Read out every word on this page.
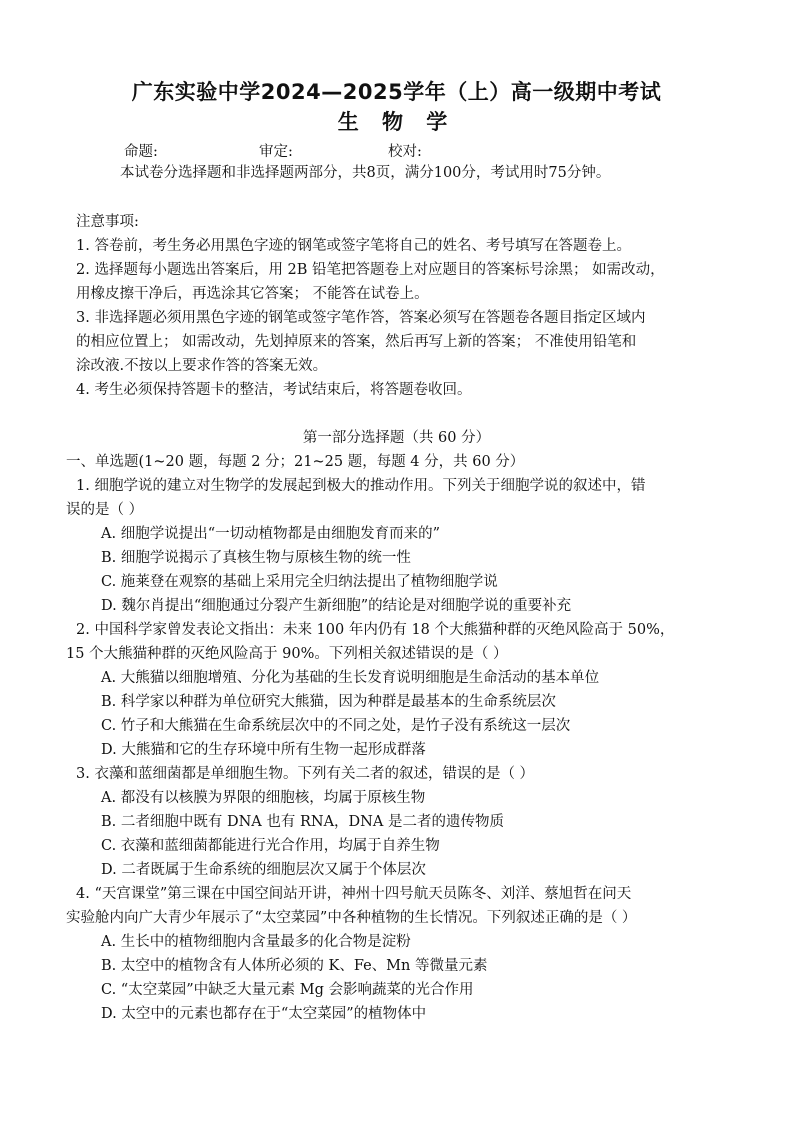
广东实验中学2024—2025学年（上）高一级期中考试
生 物 学
命题:	审定:	校对:
本试卷分选择题和非选择题两部分，共8页，满分100分，考试用时75分钟。
注意事项:
1. 答卷前，考生务必用黑色字迹的钢笔或签字笔将自己的姓名、考号填写在答题卷上。
2. 选择题每小题选出答案后，用 2B 铅笔把答题卷上对应题目的答案标号涂黑； 如需改动，
用橡皮擦干净后，再选涂其它答案； 不能答在试卷上。
3. 非选择题必须用黑色字迹的钢笔或签字笔作答，答案必须写在答题卷各题目指定区域内
的相应位置上； 如需改动，先划掉原来的答案，然后再写上新的答案； 不准使用铅笔和
涂改液.不按以上要求作答的答案无效。
4. 考生必须保持答题卡的整洁，考试结束后，将答题卷收回。
第一部分选择题（共 60 分）
一、单选题(1~20 题，每题 2 分；21~25 题，每题 4 分，共 60 分）
1. 细胞学说的建立对生物学的发展起到极大的推动作用。下列关于细胞学说的叙述中，错
误的是（ ）
A. 细胞学说提出“一切动植物都是由细胞发育而来的”
B. 细胞学说揭示了真核生物与原核生物的统一性
C. 施莱登在观察的基础上采用完全归纳法提出了植物细胞学说
D. 魏尔肖提出“细胞通过分裂产生新细胞”的结论是对细胞学说的重要补充
2. 中国科学家曾发表论文指出：未来 100 年内仍有 18 个大熊猫种群的灭绝风险高于 50%，
15 个大熊猫种群的灭绝风险高于 90%。下列相关叙述错误的是（ ）
A. 大熊猫以细胞增殖、分化为基础的生长发育说明细胞是生命活动的基本单位
B. 科学家以种群为单位研究大熊猫，因为种群是最基本的生命系统层次
C. 竹子和大熊猫在生命系统层次中的不同之处，是竹子没有系统这一层次
D. 大熊猫和它的生存环境中所有生物一起形成群落
3. 衣藻和蓝细菌都是单细胞生物。下列有关二者的叙述，错误的是（ ）
A. 都没有以核膜为界限的细胞核，均属于原核生物
B. 二者细胞中既有 DNA 也有 RNA，DNA 是二者的遗传物质
C. 衣藻和蓝细菌都能进行光合作用，均属于自养生物
D. 二者既属于生命系统的细胞层次又属于个体层次
4. “天宫课堂”第三课在中国空间站开讲，神州十四号航天员陈冬、刘洋、蔡旭哲在问天
实验舱内向广大青少年展示了“太空菜园”中各种植物的生长情况。下列叙述正确的是（ ）
A. 生长中的植物细胞内含量最多的化合物是淀粉
B. 太空中的植物含有人体所必须的 K、Fe、Mn 等微量元素
C. “太空菜园”中缺乏大量元素 Mg 会影响蔬菜的光合作用
D. 太空中的元素也都存在于“太空菜园”的植物体中
